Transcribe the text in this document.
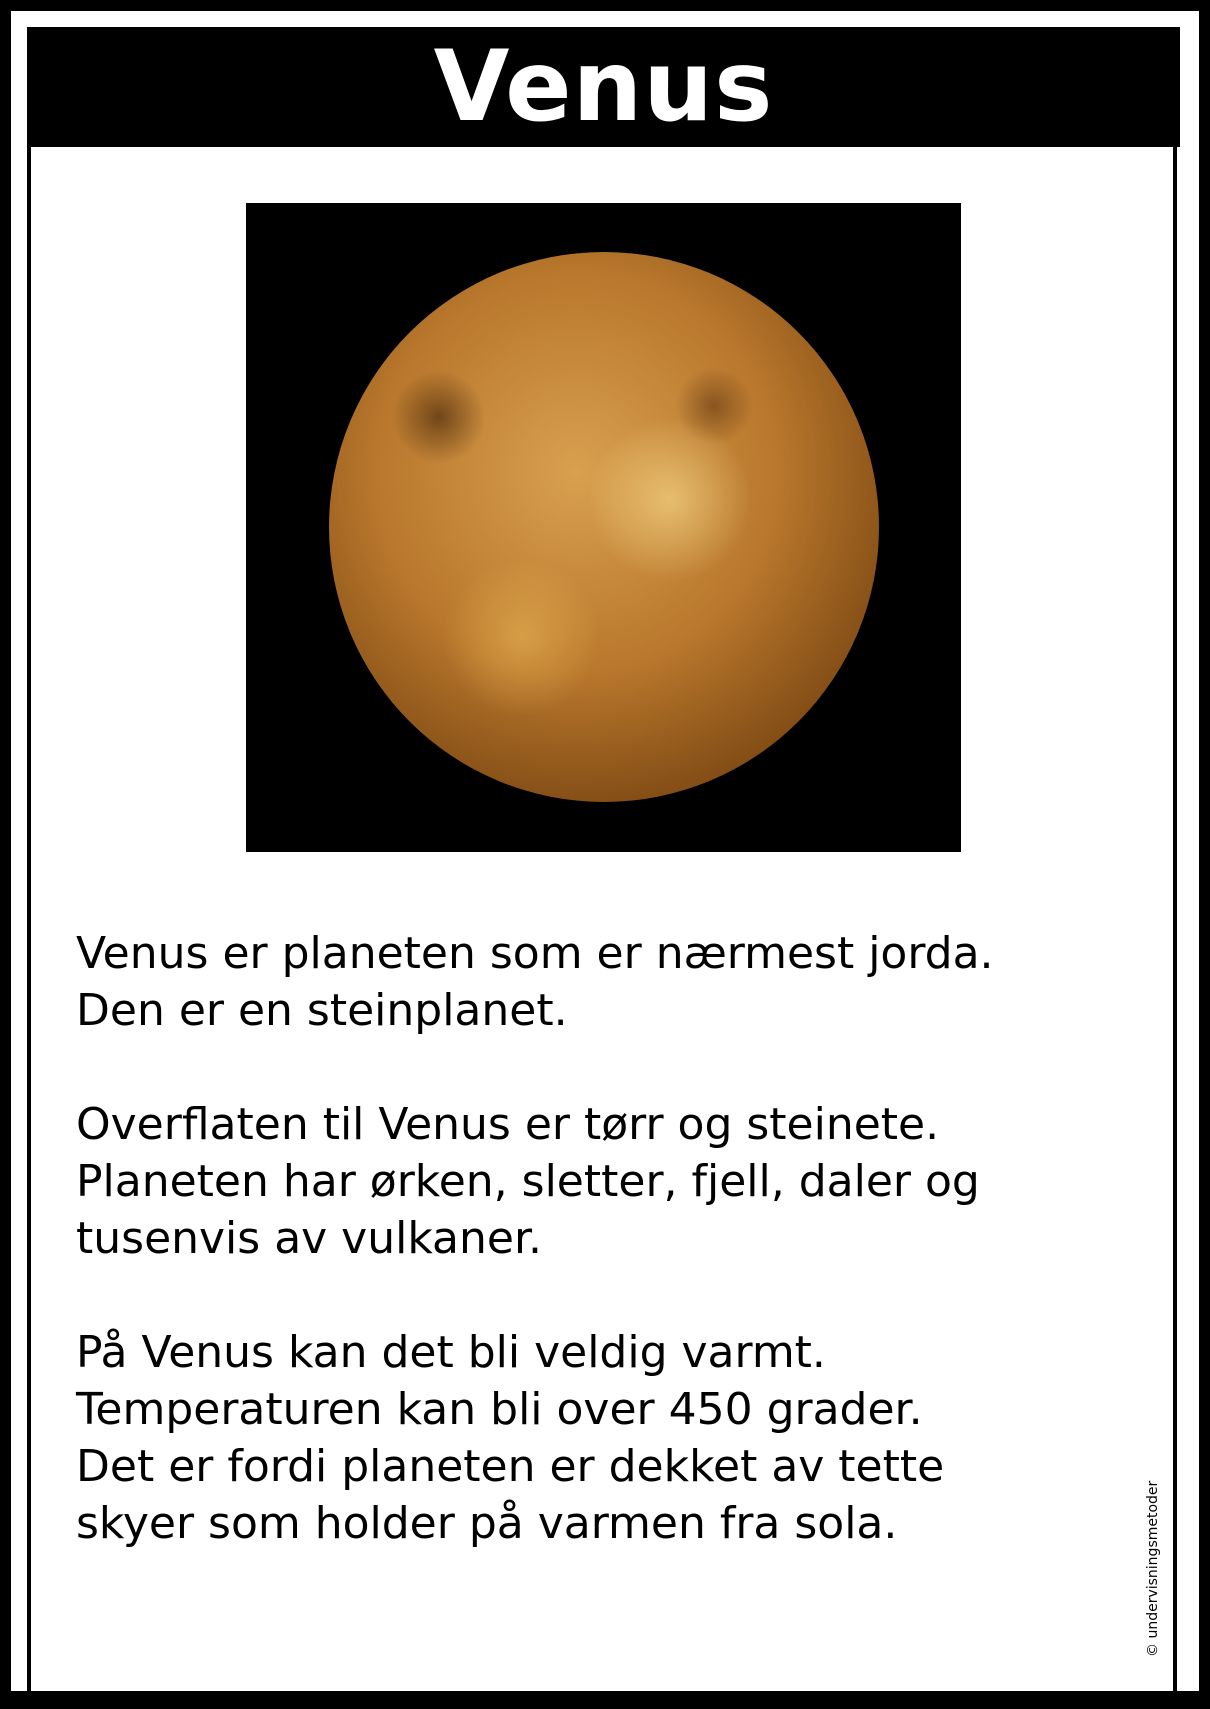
Venus

Venus er planeten som er nærmest jorda.
Den er en steinplanet.

Overflaten til Venus er tørr og steinete.
Planeten har ørken, sletter, fjell, daler og
tusenvis av vulkaner.

På Venus kan det bli veldig varmt.
Temperaturen kan bli over 450 grader.
Det er fordi planeten er dekket av tette
skyer som holder på varmen fra sola.	© undervisningsmetoder
